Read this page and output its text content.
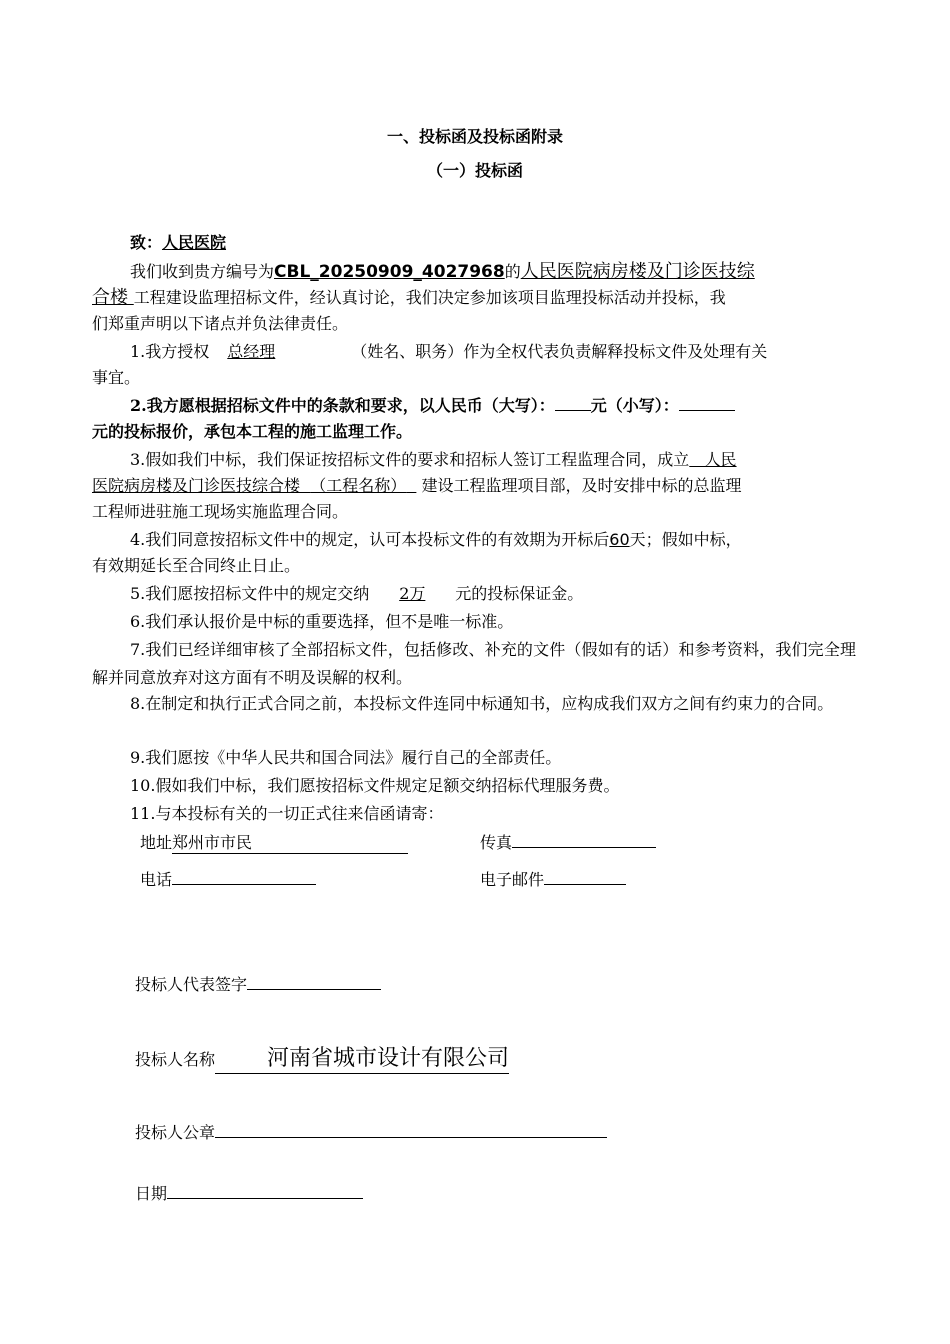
一、投标函及投标函附录
（一）投标函
致：人民医院
我们收到贵方编号为CBL_20250909_4027968的人民医院病房楼及门诊医技综
合楼 工程建设监理招标文件，经认真讨论，我们决定参加该项目监理投标活动并投标，我
们郑重声明以下诸点并负法律责任。
1.我方授权 总经理	（姓名、职务）作为全权代表负责解释投标文件及处理有关
事宜。
2.我方愿根据招标文件中的条款和要求，以人民币（大写）： 元（小写）：
元的投标报价，承包本工程的施工监理工作。
3.假如我们中标，我们保证按招标文件的要求和招标人签订工程监理合同，成立   人民
医院病房楼及门诊医技综合楼  （工程名称）   建设工程监理项目部，及时安排中标的总监理
工程师进驻施工现场实施监理合同。
4.我们同意按招标文件中的规定，认可本投标文件的有效期为开标后60天；假如中标，
有效期延长至合同终止日止。
5.我们愿按招标文件中的规定交纳 2万 元的投标保证金。
6.我们承认报价是中标的重要选择，但不是唯一标准。
7.我们已经详细审核了全部招标文件，包括修改、补充的文件（假如有的话）和参考资料，我们完全理解并同意放弃对这方面有不明及误解的权利。
8.在制定和执行正式合同之前，本投标文件连同中标通知书，应构成我们双方之间有约束力的合同。
9.我们愿按《中华人民共和国合同法》履行自己的全部责任。
10.假如我们中标，我们愿按招标文件规定足额交纳招标代理服务费。
11.与本投标有关的一切正式往来信函请寄：
地址郑州市市民	传真
电话	电子邮件
投标人代表签字
投标人名称 河南省城市设计有限公司
投标人公章
日期
